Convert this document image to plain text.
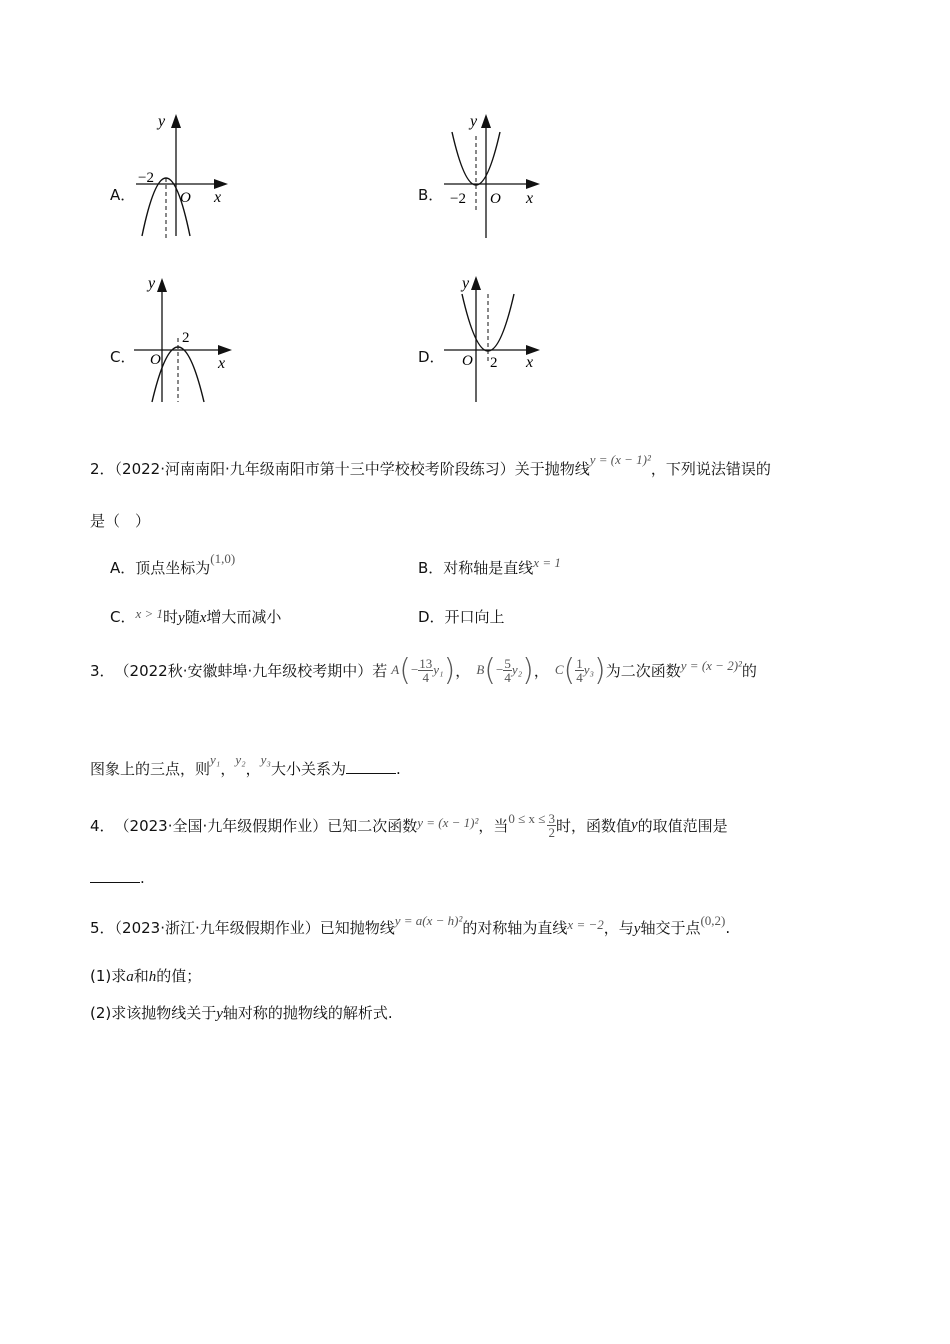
A．
−2
O x
y
B． −2 O x
y
C．
2
O	x
y
D．	2
O	x
y
2．（2022·河南南阳·九年级南阳市第十三中学校校考阶段练习）关于抛物线y = (x − 1)²，下列说法错误的
是（　）
A．顶点坐标为(1,0)
B．对称轴是直线x = 1
C．x > 1时y随x增大而减小	D．开口向上
3． （2022秋·安徽蚌埠·九年级校考期中）若 A ( − $\frac{13}{4} y_1$ ) ， B ( − $\frac{5}{4} y_2$ ) ， C ( $\frac{1}{4} y_3$ ) 为二次函数 y = (x − 2)² 的
图象上的三点，则y₁，y₂，y₃大小关系为	.
4． （2023·全国·九年级假期作业）已知二次函数 y = (x − 1)² ，当 $0 \le x \le \frac{3}{2}$ 时，函数值 y 的取值范围是
.
5．（2023·浙江·九年级假期作业）已知抛物线y = a(x − h)²的对称轴为直线x = −2，与y轴交于点(0,2).
(1)求a和h的值；
(2)求该抛物线关于y轴对称的抛物线的解析式.
